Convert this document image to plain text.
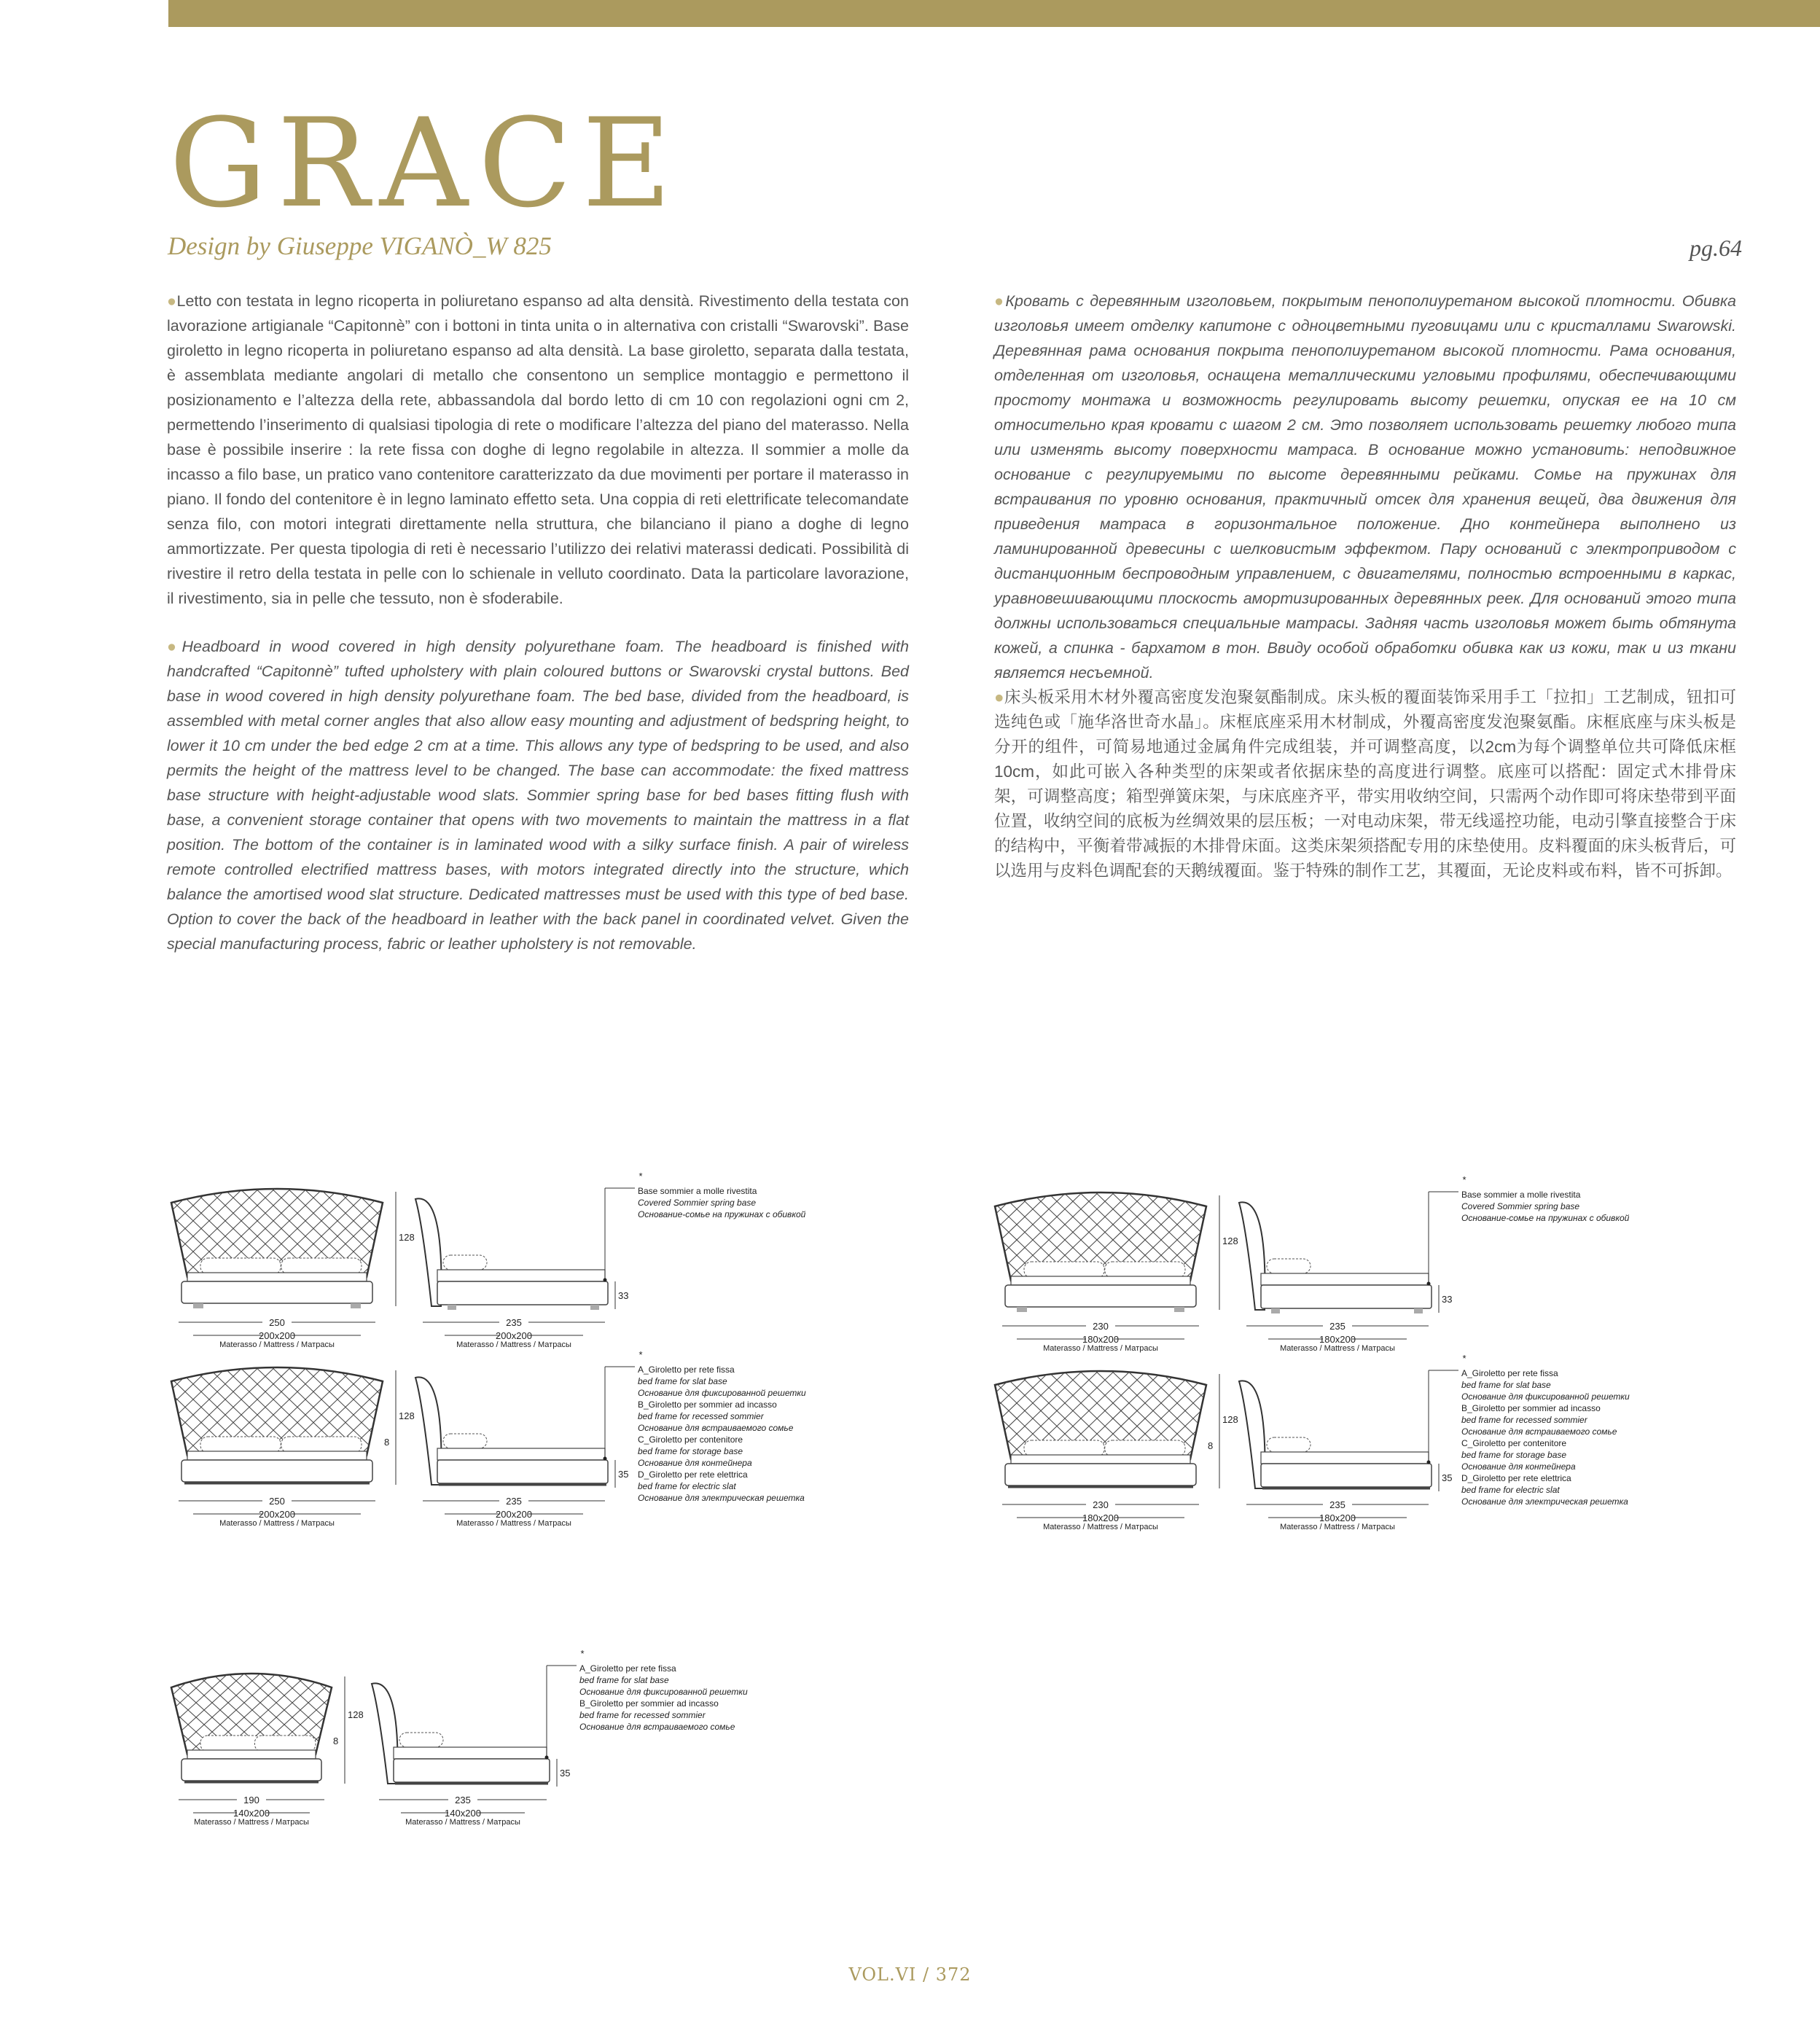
GRACE
Design by Giuseppe VIGANÒ_W 825	pg.64

●Letto con testata in legno ricoperta in poliuretano espanso ad alta densità. Rivestimento della testata con lavorazione artigianale “Capitonnè” con i bottoni in tinta unita o in alternativa con cristalli “Swarovski”. Base giroletto in legno ricoperta in poliuretano espanso ad alta densità. La base giroletto, separata dalla testata, è assemblata mediante angolari di metallo che consentono un semplice montaggio e permettono il posizionamento e l’altezza della rete, abbassandola dal bordo letto di cm 10 con regolazioni ogni cm 2, permettendo l’inserimento di qualsiasi tipologia di rete o modificare l’altezza del piano del materasso. Nella base è possibile inserire : la rete fissa con doghe di legno regolabile in altezza. Il sommier a molle da incasso a filo base, un pratico vano contenitore caratterizzato da due movimenti per portare il materasso in piano. Il fondo del contenitore è in legno laminato effetto seta. Una coppia di reti elettrificate telecomandate senza filo, con motori integrati direttamente nella struttura, che bilanciano il piano a doghe di legno ammortizzate. Per questa tipologia di reti è necessario l’utilizzo dei relativi materassi dedicati. Possibilità di rivestire il retro della testata in pelle con lo schienale in velluto coordinato. Data la particolare lavorazione, il rivestimento, sia in pelle che tessuto, non è sfoderabile.

●Headboard in wood covered in high density polyurethane foam. The headboard is finished with handcrafted “Capitonnè” tufted upholstery with plain coloured buttons or Swarovski crystal buttons. Bed base in wood covered in high density polyurethane foam. The bed base, divided from the headboard, is assembled with metal corner angles that also allow easy mounting and adjustment of bedspring height, to lower it 10 cm under the bed edge 2 cm at a time. This allows any type of bedspring to be used, and also permits the height of the mattress level to be changed. The base can accommodate: the fixed mattress base structure with height-adjustable wood slats. Sommier spring base for bed bases fitting flush with base, a convenient storage container that opens with two movements to maintain the mattress in a flat position. The bottom of the container is in laminated wood with a silky surface finish. A pair of wireless remote controlled electrified mattress bases, with motors integrated directly into the structure, which balance the amortised wood slat structure. Dedicated mattresses must be used with this type of bed base. Option to cover the back of the headboard in leather with the back panel in coordinated velvet. Given the special manufacturing process, fabric or leather upholstery is not removable.

●Кровать с деревянным изголовьем, покрытым пенополиуретаном высокой плотности. Обивка изголовья имеет отделку капитоне с одноцветными пуговицами или с кристаллами Swarowski. Деревянная рама основания покрыта пенополиуретаном высокой плотности. Рама основания, отделенная от изголовья, оснащена металлическими угловыми профилями, обеспечивающими простоту монтажа и возможность регулировать высоту решетки, опуская ее на 10 см относительно края кровати с шагом 2 см. Это позволяет использовать решетку любого типа или изменять высоту поверхности матраса. В основание можно установить: неподвижное основание с регулируемыми по высоте деревянными рейками. Сомье на пружинах для встраивания по уровню основания, практичный отсек для хранения вещей, два движения для приведения матраса в горизонтальное положение. Дно контейнера выполнено из ламинированной древесины с шелковистым эффектом. Пару оснований с электроприводом с дистанционным беспроводным управлением, с двигателями, полностью встроенными в каркас, уравновешивающими плоскость амортизированных деревянных реек. Для оснований этого типа должны использоваться специальные матрасы. Задняя часть изголовья может быть обтянута кожей, а спинка - бархатом в тон. Ввиду особой обработки обивка как из кожи, так и из ткани является несъемной.

●床头板采用木材外覆高密度发泡聚氨酯制成。床头板的覆面装饰采用手工「拉扣」工艺制成，钮扣可选纯色或「施华洛世奇水晶」。床框底座采用木材制成，外覆高密度发泡聚氨酯。床框底座与床头板是分开的组件，可简易地通过金属角件完成组装，并可调整高度，以2cm为每个调整单位共可降低床框10cm，如此可嵌入各种类型的床架或者依据床垫的高度进行调整。底座可以搭配：固定式木排骨床架，可调整高度；箱型弹簧床架，与床底座齐平，带实用收纳空间，只需两个动作即可将床垫带到平面位置，收纳空间的底板为丝绸效果的层压板；一对电动床架，带无线遥控功能，电动引擎直接整合于床的结构中，平衡着带减振的木排骨床面。这类床架须搭配专用的床垫使用。皮料覆面的床头板背后，可以选用与皮料色调配套的天鹅绒覆面。鉴于特殊的制作工艺，其覆面，无论皮料或布料，皆不可拆卸。

128
250
200x200
Materasso / Mattress / Матрасы
33
235
200x200
Materasso / Mattress / Матрасы
*
Base sommier a molle rivestita
Covered Sommier spring base
Основание-сомье на пружинах с обивкой
128
8
250
200x200
Materasso / Mattress / Матрасы
35
235
200x200
Materasso / Mattress / Матрасы
*
A_Giroletto per rete fissa
bed frame for slat base
Основание для фиксированной решетки
B_Giroletto per sommier ad incasso
bed frame for recessed sommier
Основание для встраиваемого сомье
C_Giroletto per contenitore
bed frame for storage base
Основание для контейнера
D_Giroletto per rete elettrica
bed frame for electric slat
Основание для электрическая решетка
128
230
180x200
Materasso / Mattress / Матрасы
33
235
180x200
Materasso / Mattress / Матрасы
*
Base sommier a molle rivestita
Covered Sommier spring base
Основание-сомье на пружинах с обивкой
128
8
230
180x200
Materasso / Mattress / Матрасы
35
235
180x200
Materasso / Mattress / Матрасы
*
A_Giroletto per rete fissa
bed frame for slat base
Основание для фиксированной решетки
B_Giroletto per sommier ad incasso
bed frame for recessed sommier
Основание для встраиваемого сомье
C_Giroletto per contenitore
bed frame for storage base
Основание для контейнера
D_Giroletto per rete elettrica
bed frame for electric slat
Основание для электрическая решетка
128
8
190
140x200
Materasso / Mattress / Матрасы
35
235
140x200
Materasso / Mattress / Матрасы
*
A_Giroletto per rete fissa
bed frame for slat base
Основание для фиксированной решетки
B_Giroletto per sommier ad incasso
bed frame for recessed sommier
Основание для встраиваемого сомье
VOL.VI / 372
